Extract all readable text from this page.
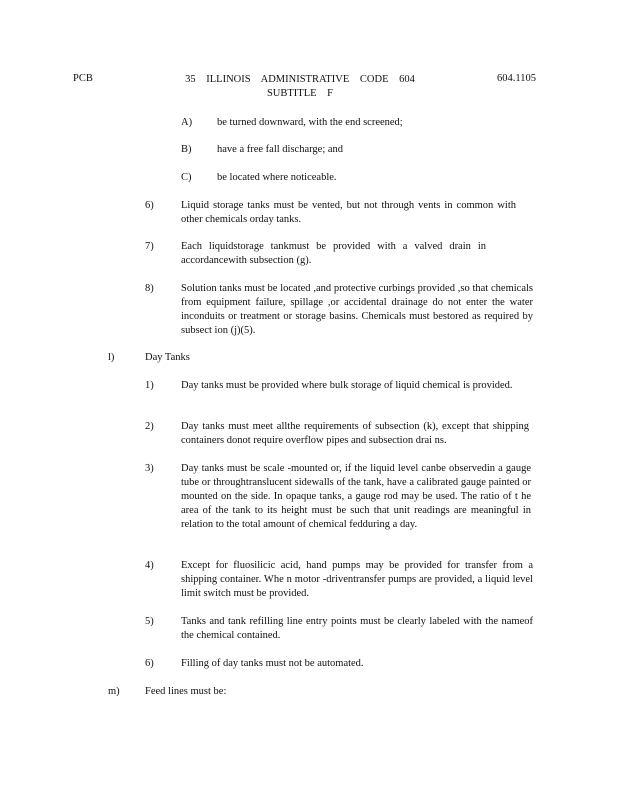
PCB	35 ILLINOIS ADMINISTRATIVE CODE 604
SUBTITLE F
604.1105
A) be turned downward, with the end screened;
B) have a free fall discharge; and
C) be located where noticeable.
6)	Liquid storage tanks must be vented, but not through vents in common with other chemicals orday tanks.
7)	Each liquidstorage tankmust be provided with a valved drain in accordancewith subsection (g).
8)	Solution tanks must be located ,and protective curbings provided ,so that chemicals from equipment failure, spillage ,or accidental drainage do not enter the water inconduits or treatment or storage basins. Chemicals must bestored as required by subsect ion (j)(5).
l)	Day Tanks
1)	Day tanks must be provided where bulk storage of liquid chemical is provided.
2)	Day tanks must meet allthe requirements of subsection (k), except that shipping containers donot require overflow pipes and subsection drai ns.
3)	Day tanks must be scale -mounted or, if the liquid level canbe observedin a gauge tube or throughtranslucent sidewalls of the tank, have a calibrated gauge painted or mounted on the side. In opaque tanks, a gauge rod may be used. The ratio of t he area of the tank to its height must be such that unit readings are meaningful in relation to the total amount of chemical fedduring a day.
4)	Except for fluosilicic acid, hand pumps may be provided for transfer from a shipping container. Whe n motor -driventransfer pumps are provided, a liquid level limit switch must be provided.
5)	Tanks and tank refilling line entry points must be clearly labeled with the nameof the chemical contained.
6)	Filling of day tanks must not be automated.
m) Feed lines must be:
